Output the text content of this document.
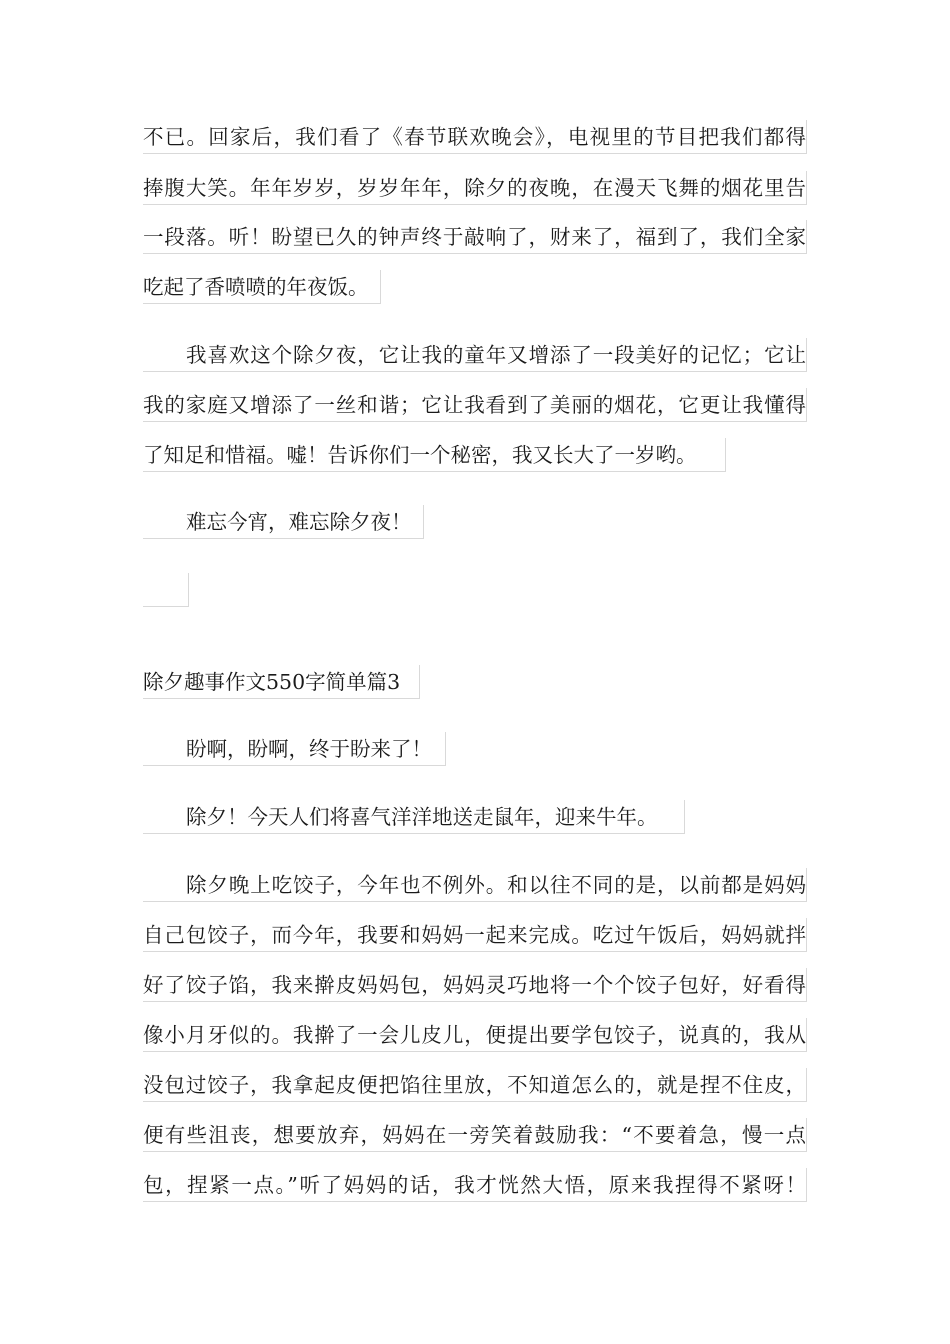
不已。回家后，我们看了《春节联欢晚会》，电视里的节目把我们都得
捧腹大笑。年年岁岁，岁岁年年，除夕的夜晚，在漫天飞舞的烟花里告
一段落。听！盼望已久的钟声终于敲响了，财来了，福到了，我们全家
吃起了香喷喷的年夜饭。
我喜欢这个除夕夜，它让我的童年又增添了一段美好的记忆；它让
我的家庭又增添了一丝和谐；它让我看到了美丽的烟花，它更让我懂得
了知足和惜福。嘘！告诉你们一个秘密，我又长大了一岁哟。
难忘今宵，难忘除夕夜！
除夕趣事作文550字简单篇3
盼啊，盼啊，终于盼来了！
除夕！今天人们将喜气洋洋地送走鼠年，迎来牛年。
除夕晚上吃饺子，今年也不例外。和以往不同的是，以前都是妈妈
自己包饺子，而今年，我要和妈妈一起来完成。吃过午饭后，妈妈就拌
好了饺子馅，我来擀皮妈妈包，妈妈灵巧地将一个个饺子包好，好看得
像小月牙似的。我擀了一会儿皮儿，便提出要学包饺子，说真的，我从
没包过饺子，我拿起皮便把馅往里放，不知道怎么的，就是捏不住皮，
便有些沮丧，想要放弃，妈妈在一旁笑着鼓励我：“不要着急，慢一点
包，捏紧一点。”听了妈妈的话，我才恍然大悟，原来我捏得不紧呀！
